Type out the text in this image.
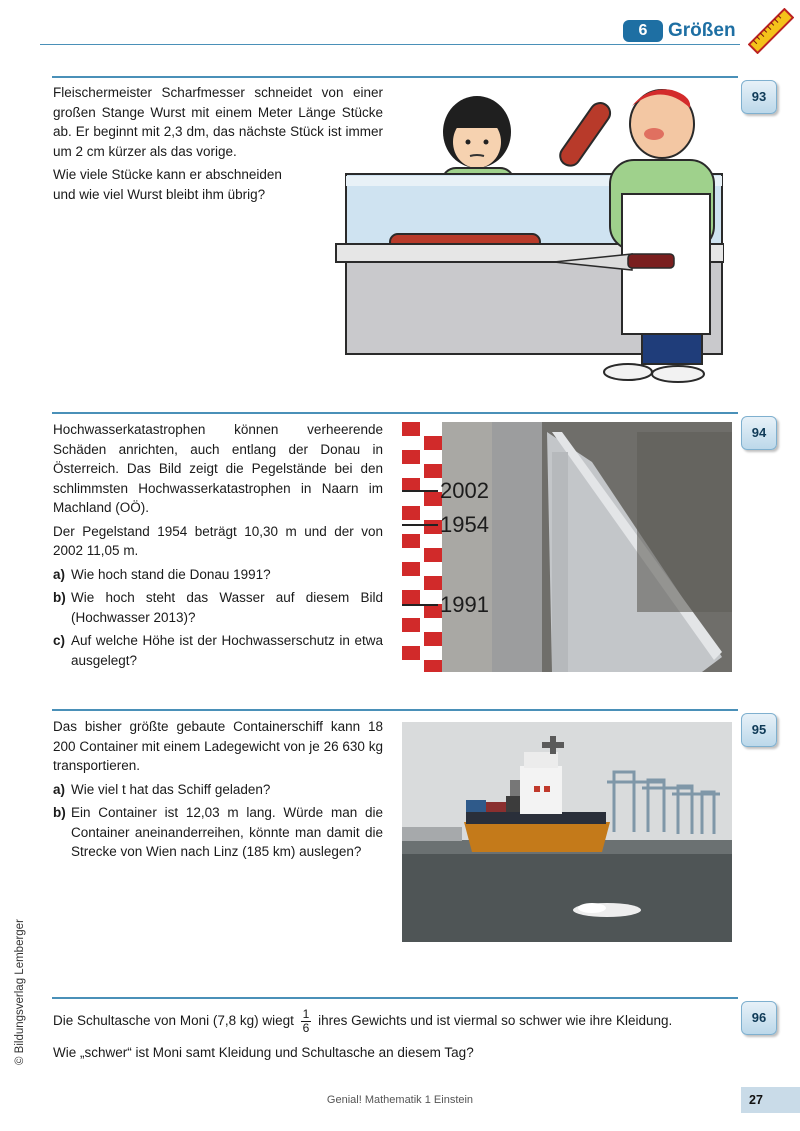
6	Größen
93

Fleischermeister Scharfmesser schneidet von einer großen Stange Wurst mit einem Meter Länge Stücke ab. Er beginnt mit 2,3 dm, das nächste Stück ist immer um 2 cm kürzer als das vorige.

Wie viele Stücke kann er abschneiden und wie viel Wurst bleibt ihm übrig?

94

Hochwasserkatastrophen können verheerende Schäden anrichten, auch entlang der Donau in Österreich. Das Bild zeigt die Pegelstände bei den schlimmsten Hochwasserkatastrophen in Naarn im Machland (OÖ).

Der Pegelstand 1954 beträgt 10,30 m und der von 2002 11,05 m.

a) Wie hoch stand die Donau 1991?
b) Wie hoch steht das Wasser auf diesem Bild (Hochwasser 2013)?
c) Auf welche Höhe ist der Hochwasserschutz in etwa ausgelegt?
2002
1954
1991
95

Das bisher größte gebaute Containerschiff kann 18 200 Container mit einem Ladegewicht von je 26 630 kg transportieren.

a) Wie viel t hat das Schiff geladen?
b) Ein Container ist 12,03 m lang. Würde man die Container aneinanderreihen, könnte man damit die Strecke von Wien nach Linz (185 km) auslegen?
96
Die Schultasche von Moni (7,8 kg) wiegt $\frac{1}{6}$ ihres Gewichts und ist viermal so schwer wie ihre Kleidung.
Wie „schwer“ ist Moni samt Kleidung und Schultasche an diesem Tag?
© Bildungsverlag Lemberger
Genial! Mathematik 1 Einstein	27
